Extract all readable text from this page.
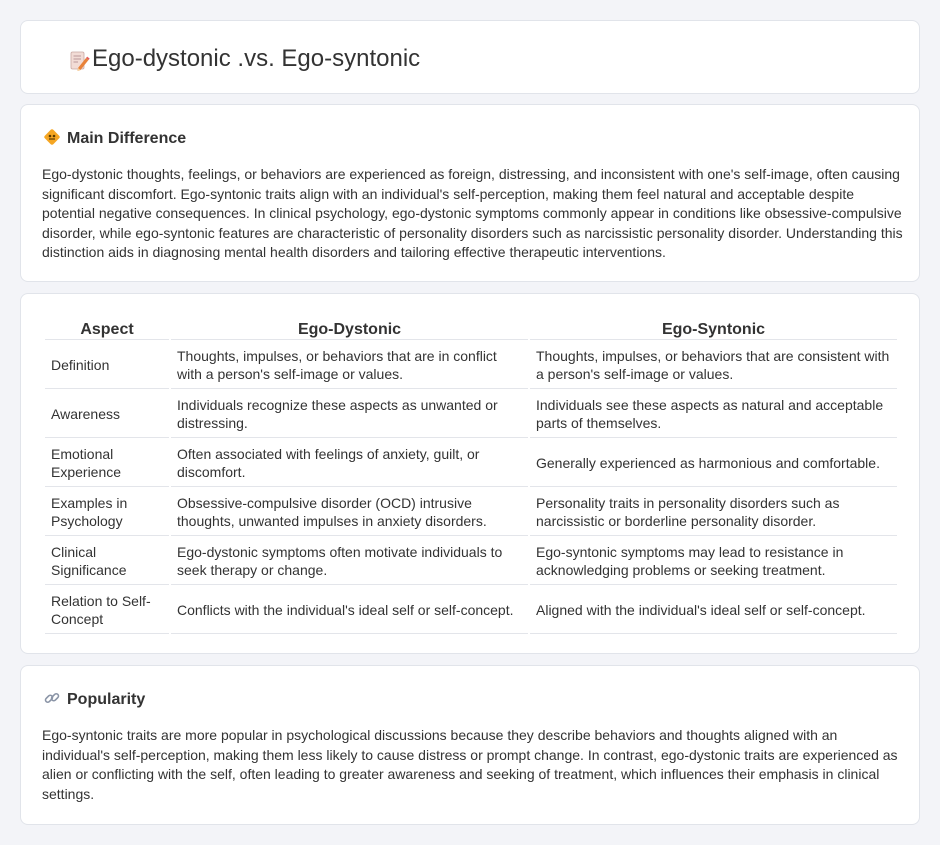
Ego-dystonic .vs. Ego-syntonic
Main Difference

Ego-dystonic thoughts, feelings, or behaviors are experienced as foreign, distressing, and inconsistent with one's self-image, often causing significant discomfort. Ego-syntonic traits align with an individual's self-perception, making them feel natural and acceptable despite potential negative consequences. In clinical psychology, ego-dystonic symptoms commonly appear in conditions like obsessive-compulsive disorder, while ego-syntonic features are characteristic of personality disorders such as narcissistic personality disorder. Understanding this distinction aids in diagnosing mental health disorders and tailoring effective therapeutic interventions.

Aspect	Ego-Dystonic	Ego-Syntonic
Definition	Thoughts, impulses, or behaviors that are in conflict with a person's self-image or values.	Thoughts, impulses, or behaviors that are consistent with a person's self-image or values.
Awareness	Individuals recognize these aspects as unwanted or distressing.	Individuals see these aspects as natural and acceptable parts of themselves.
Emotional Experience	Often associated with feelings of anxiety, guilt, or discomfort.	Generally experienced as harmonious and comfortable.
Examples in Psychology	Obsessive-compulsive disorder (OCD) intrusive thoughts, unwanted impulses in anxiety disorders.	Personality traits in personality disorders such as narcissistic or borderline personality disorder.
Clinical Significance	Ego-dystonic symptoms often motivate individuals to seek therapy or change.	Ego-syntonic symptoms may lead to resistance in acknowledging problems or seeking treatment.
Relation to Self-Concept	Conflicts with the individual's ideal self or self-concept.	Aligned with the individual's ideal self or self-concept.
Popularity

Ego-syntonic traits are more popular in psychological discussions because they describe behaviors and thoughts aligned with an individual's self-perception, making them less likely to cause distress or prompt change. In contrast, ego-dystonic traits are experienced as alien or conflicting with the self, often leading to greater awareness and seeking of treatment, which influences their emphasis in clinical settings.
